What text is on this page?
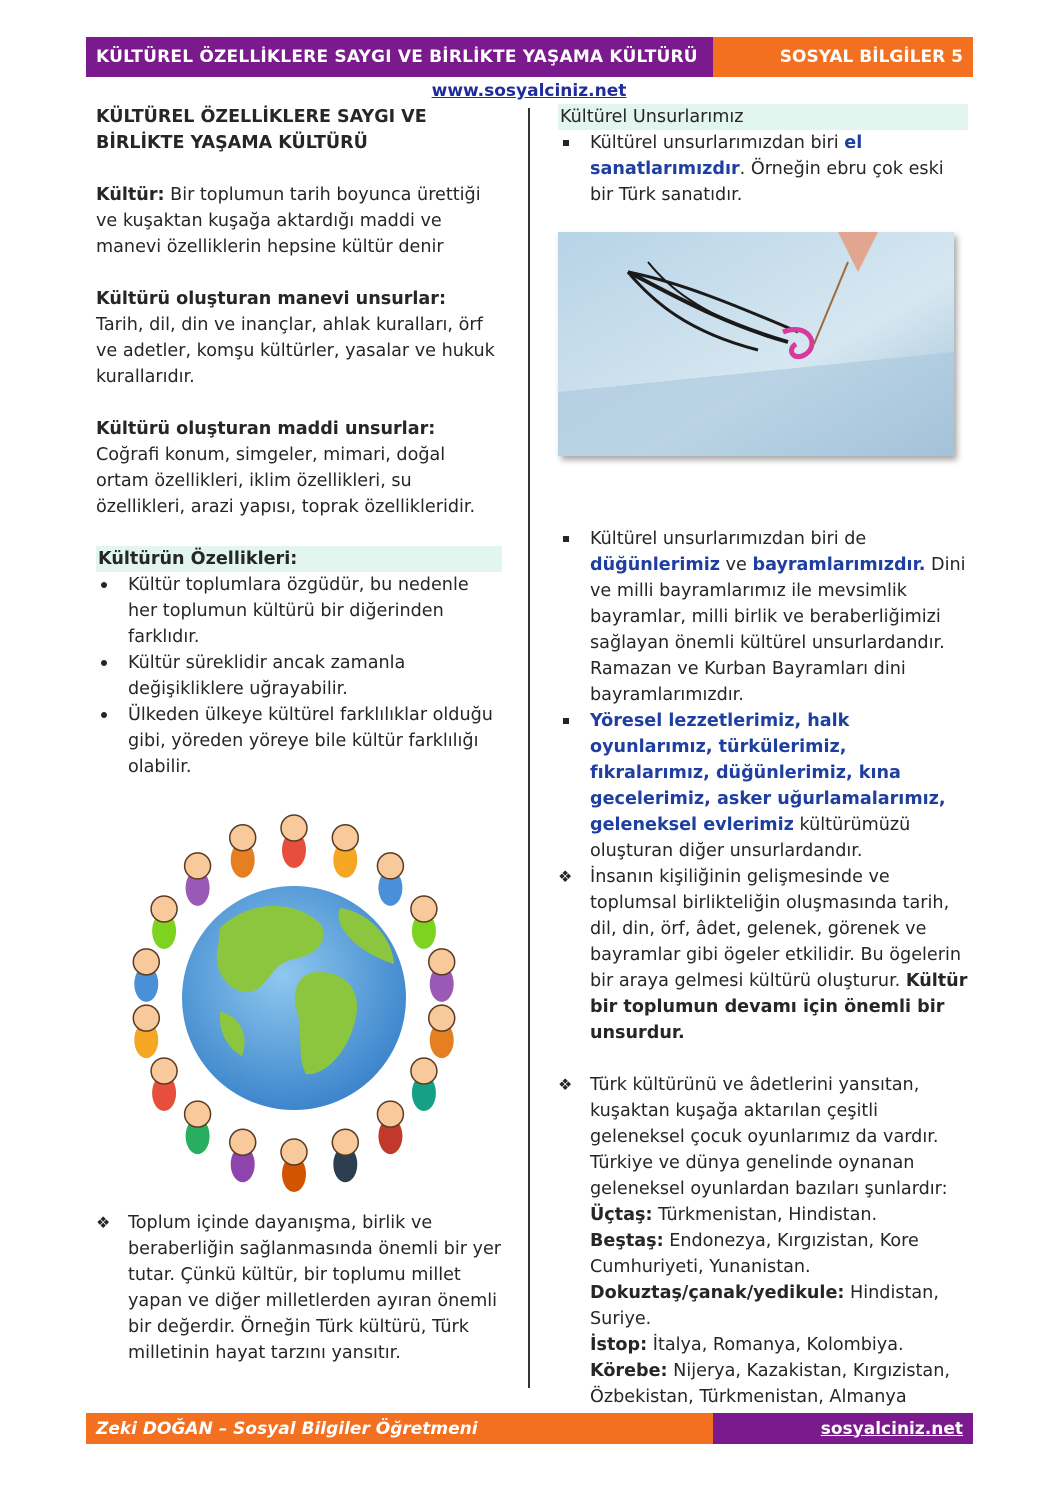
KÜLTÜREL ÖZELLİKLERE SAYGI VE BİRLİKTE YAŞAMA KÜLTÜRÜ	SOSYAL BİLGİLER 5
www.sosyalciniz.net

KÜLTÜREL ÖZELLİKLERE SAYGI VE BİRLİKTE YAŞAMA KÜLTÜRÜ

Kültür: Bir toplumun tarih boyunca ürettiği ve kuşaktan kuşağa aktardığı maddi ve manevi özelliklerin hepsine kültür denir

Kültürü oluşturan manevi unsurlar:

Tarih, dil, din ve inançlar, ahlak kuralları, örf ve adetler, komşu kültürler, yasalar ve hukuk kurallarıdır.

Kültürü oluşturan maddi unsurlar:

Coğrafi konum, simgeler, mimari, doğal ortam özellikleri, iklim özellikleri, su özellikleri, arazi yapısı, toprak özellikleridir.

Kültürün Özellikleri:

Kültür toplumlara özgüdür, bu nedenle her toplumun kültürü bir diğerinden farklıdır.
Kültür süreklidir ancak zamanla değişikliklere uğrayabilir.
Ülkeden ülkeye kültürel farklılıklar olduğu gibi, yöreden yöreye bile kültür farklılığı olabilir.
❖ Toplum içinde dayanışma, birlik ve beraberliğin sağlanmasında önemli bir yer tutar. Çünkü kültür, bir toplumu millet yapan ve diğer milletlerden ayıran önemli bir değerdir. Örneğin Türk kültürü, Türk milletinin hayat tarzını yansıtır.

Kültürel Unsurlarımız

Kültürel unsurlarımızdan biri el sanatlarımızdır. Örneğin ebru çok eski bir Türk sanatıdır.
Kültürel unsurlarımızdan biri de düğünlerimiz ve bayramlarımızdır. Dini ve milli bayramlarımız ile mevsimlik bayramlar, milli birlik ve beraberliğimizi sağlayan önemli kültürel unsurlardandır. Ramazan ve Kurban Bayramları dini bayramlarımızdır.
Yöresel lezzetlerimiz, halk oyunlarımız, türkülerimiz, fıkralarımız, düğünlerimiz, kına gecelerimiz, asker uğurlamalarımız, geleneksel evlerimiz kültürümüzü oluşturan diğer unsurlardandır.
❖ İnsanın kişiliğinin gelişmesinde ve toplumsal birlikteliğin oluşmasında tarih, dil, din, örf, âdet, gelenek, görenek ve bayramlar gibi ögeler etkilidir. Bu ögelerin bir araya gelmesi kültürü oluşturur. Kültür bir toplumun devamı için önemli bir unsurdur.
❖ Türk kültürünü ve âdetlerini yansıtan, kuşaktan kuşağa aktarılan çeşitli geleneksel çocuk oyunlarımız da vardır. Türkiye ve dünya genelinde oynanan geleneksel oyunlardan bazıları şunlardır:
Üçtaş: Türkmenistan, Hindistan.
Beştaş: Endonezya, Kırgızistan, Kore Cumhuriyeti, Yunanistan.
Dokuztaş/çanak/yedikule: Hindistan, Suriye.
İstop: İtalya, Romanya, Kolombiya.
Körebe: Nijerya, Kazakistan, Kırgızistan, Özbekistan, Türkmenistan, Almanya
Zeki DOĞAN – Sosyal Bilgiler Öğretmeni	sosyalciniz.net
